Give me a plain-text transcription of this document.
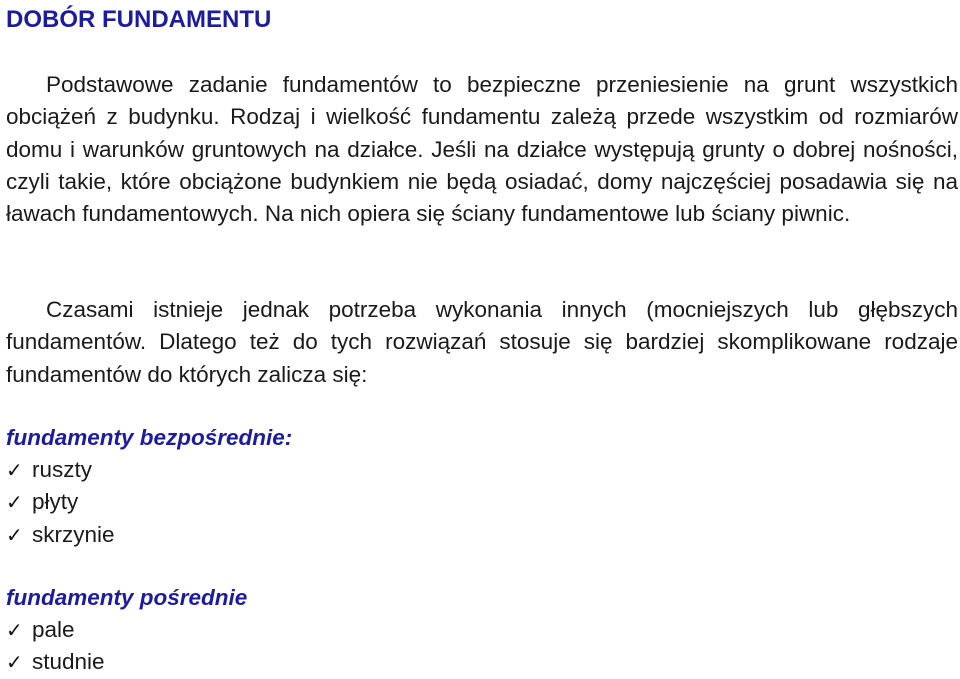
DOBÓR FUNDAMENTU

Podstawowe zadanie fundamentów to bezpieczne przeniesienie na grunt wszystkich obciążeń z budynku. Rodzaj i wielkość fundamentu zależą przede wszystkim od rozmiarów domu i warunków gruntowych na działce. Jeśli na działce występują grunty o dobrej nośności, czyli takie, które obciążone budynkiem nie będą osiadać, domy najczęściej posadawia się na ławach fundamentowych. Na nich opiera się ściany fundamentowe lub ściany piwnic.

Czasami istnieje jednak potrzeba wykonania innych (mocniejszych lub głębszych fundamentów. Dlatego też do tych rozwiązań stosuje się bardziej skomplikowane rodzaje fundamentów do których zalicza się:

fundamenty bezpośrednie:
✓ ruszty
✓ płyty
✓ skrzynie
fundamenty pośrednie
✓ pale
✓ studnie
